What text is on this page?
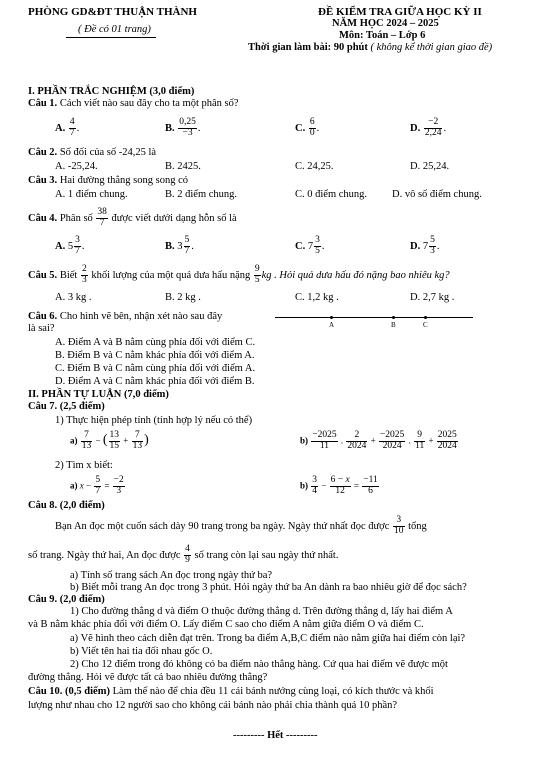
PHÒNG GD&ĐT THUẬN THÀNH
( Đề có 01 trang)
ĐỀ KIỂM TRA GIỮA HỌC KỲ II
NĂM HỌC 2024 – 2025
Môn: Toán – Lớp 6
Thời gian làm bài: 90 phút ( không kể thời gian giao đề)
I. PHẦN TRẮC NGHIỆM (3,0 điểm)
Câu 1. Cách viết nào sau đây cho ta một phân số?
A. $\frac{4}{7}$ .	B. $\frac{0,25}{-3}$ .	C. $\frac{6}{0}$ .	D. $\frac{-2}{2,24}$ .
Câu 2. Số đối của số -24,25 là
A. -25,24.	B. 2425.	C. 24,25.	D. 25,24.
Câu 3. Hai đường thẳng song song có
A. 1 điểm chung.	B. 2 điểm chung.	C. 0 điểm chung. D. vô số điểm chung.
Câu 4. Phân số $\frac{38}{7}$ được viết dưới dạng hỗn số là
A. $5 \frac{3}{7}$ .	B. $3 \frac{5}{7}$ .	C. $7 \frac{3}{5}$ .	D. $7 \frac{5}{3}$ .
Câu 5. Biết $\frac{2}{3}$ khối lượng của một quả dưa hấu nặng $\frac{9}{5}$ kg . Hỏi quả dưa hấu đó nặng bao nhiêu kg?
A. 3 kg .	B. 2 kg .	C. 1,2 kg .	D. 2,7 kg .
Câu 6. Cho hình vẽ bên, nhận xét nào sau đây
là sai?	A	B	C
A. Điểm A và B nằm cùng phía đối với điểm C.
B. Điểm B và C nằm khác phía đối với điểm A.
C. Điểm B và C nằm cùng phía đối với điểm A.
D. Điểm A và C nằm khác phía đối với điểm B.
II. PHẦN TỰ LUẬN (7,0 điểm)
Câu 7. (2,5 điểm)
1) Thực hiện phép tính (tính hợp lý nếu có thể)
$a) \frac{7}{13}$ − ( $\frac{13}{15} + \frac{7}{13}$ )	$b) \frac{-2025}{11}$ . $\frac{2}{2024} + \frac{-2025}{2024}$ . $\frac{9}{11} + \frac{2025}{2024}$
2) Tìm x biết:
a) $x - \frac{5}{7} = \frac{-2}{3}$	$b) \frac{3}{4} - \frac{6 - x}{12} = \frac{-11}{6}$
Câu 8. (2,0 điểm)
Bạn An đọc một cuốn sách dày 90 trang trong ba ngày. Ngày thứ nhất đọc được $\frac{3}{10}$ tổng
số trang. Ngày thứ hai, An đọc được $\frac{4}{9}$ số trang còn lại sau ngày thứ nhất.
a) Tính số trang sách An đọc trong ngày thứ ba?
b) Biết mỗi trang An đọc trong 3 phút. Hỏi ngày thứ ba An dành ra bao nhiêu giờ để đọc sách?
Câu 9. (2,0 điểm)
1) Cho đường thẳng d và điểm O thuộc đường thẳng d. Trên đường thẳng d, lấy hai điểm A
và B nằm khác phía đối với điểm O. Lấy điểm C sao cho điểm A nằm giữa điểm O và điểm C.
a) Vẽ hình theo cách diễn đạt trên. Trong ba điểm A,B,C điểm nào nằm giữa hai điểm còn lại?
b) Viết tên hai tia đối nhau gốc O.
2) Cho 12 điểm trong đó không có ba điểm nào thẳng hàng. Cứ qua hai điểm vẽ được một
đường thẳng. Hỏi vẽ được tất cả bao nhiêu đường thẳng?
Câu 10. (0,5 điểm) Làm thế nào để chia đều 11 cái bánh nướng cùng loại, có kích thước và khối
lượng như nhau cho 12 người sao cho không cái bánh nào phải chia thành quá 10 phần?
--------- Hết ---------
